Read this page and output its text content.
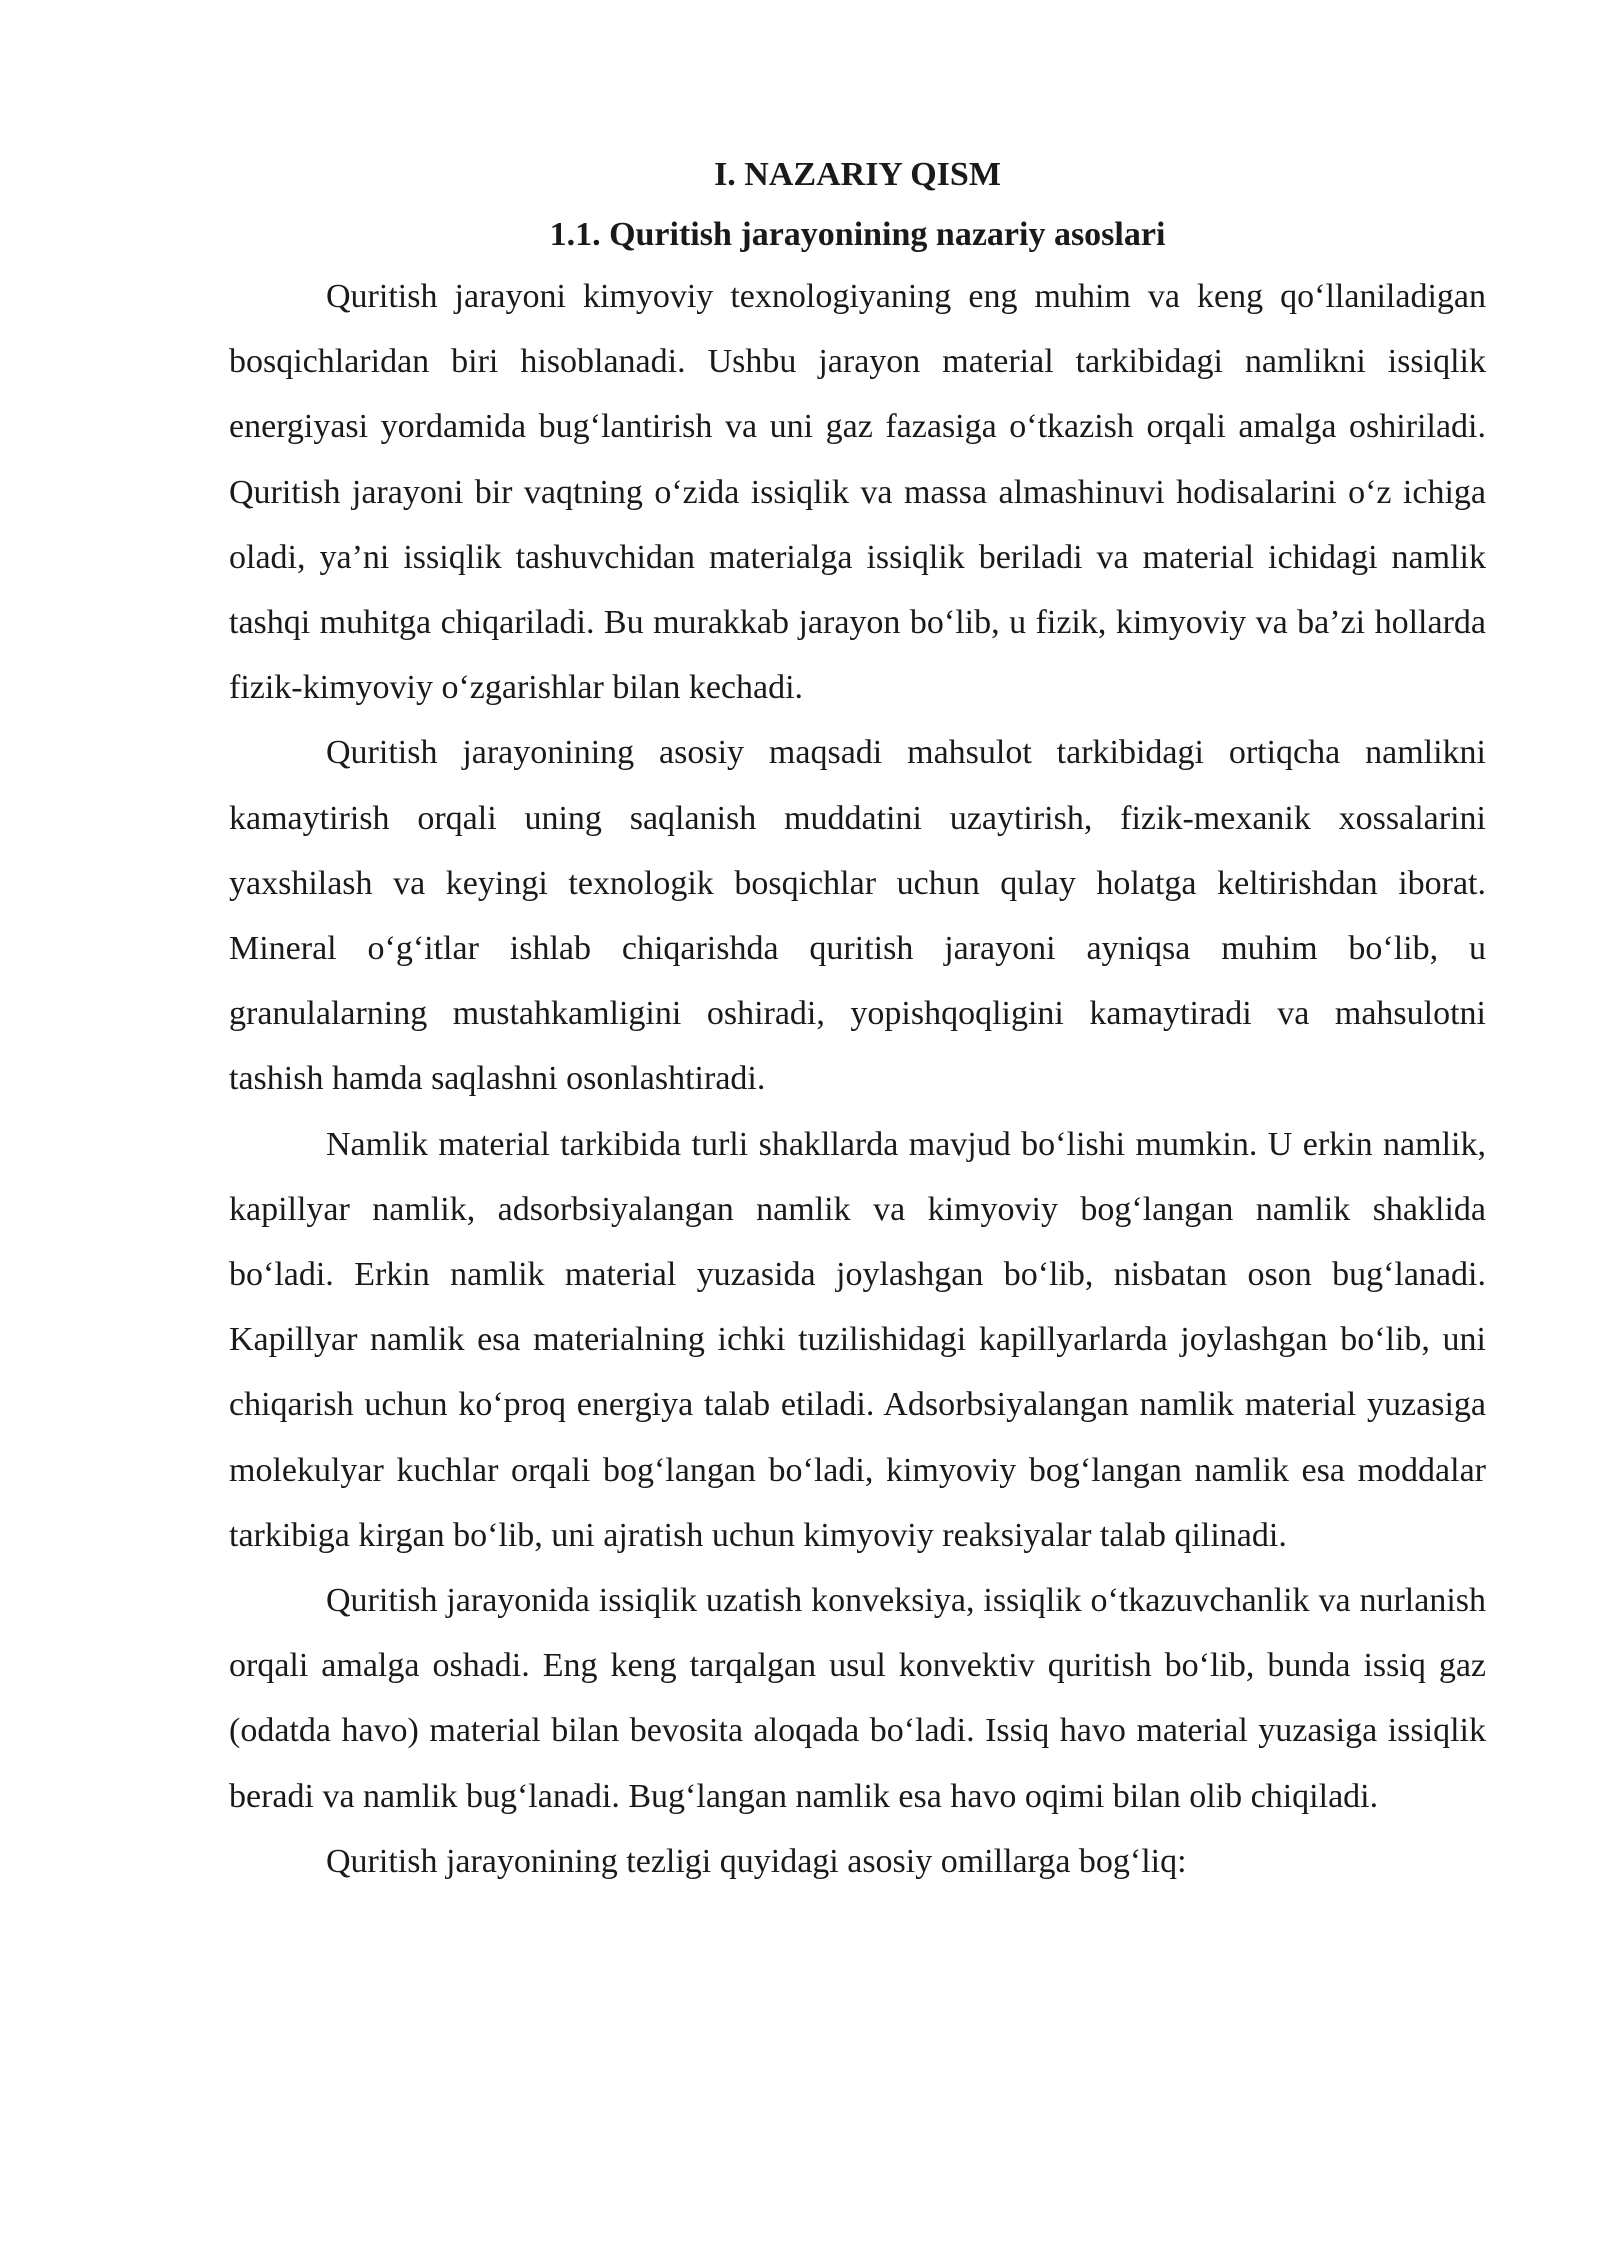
I. NAZARIY QISM
1.1. Quritish jarayonining nazariy asoslari

Quritish jarayoni kimyoviy texnologiyaning eng muhim va keng qo‘llaniladigan bosqichlaridan biri hisoblanadi. Ushbu jarayon material tarkibidagi namlikni issiqlik energiyasi yordamida bug‘lantirish va uni gaz fazasiga o‘tkazish orqali amalga oshiriladi. Quritish jarayoni bir vaqtning o‘zida issiqlik va massa almashinuvi hodisalarini o‘z ichiga oladi, ya’ni issiqlik tashuvchidan materialga issiqlik beriladi va material ichidagi namlik tashqi muhitga chiqariladi. Bu murakkab jarayon bo‘lib, u fizik, kimyoviy va ba’zi hollarda fizik-kimyoviy o‘zgarishlar bilan kechadi.

Quritish jarayonining asosiy maqsadi mahsulot tarkibidagi ortiqcha namlikni kamaytirish orqali uning saqlanish muddatini uzaytirish, fizik-mexanik xossalarini yaxshilash va keyingi texnologik bosqichlar uchun qulay holatga keltirishdan iborat. Mineral o‘g‘itlar ishlab chiqarishda quritish jarayoni ayniqsa muhim bo‘lib, u granulalarning mustahkamligini oshiradi, yopishqoqligini kamaytiradi va mahsulotni tashish hamda saqlashni osonlashtiradi.

Namlik material tarkibida turli shakllarda mavjud bo‘lishi mumkin. U erkin namlik, kapillyar namlik, adsorbsiyalangan namlik va kimyoviy bog‘langan namlik shaklida bo‘ladi. Erkin namlik material yuzasida joylashgan bo‘lib, nisbatan oson bug‘lanadi. Kapillyar namlik esa materialning ichki tuzilishidagi kapillyarlarda joylashgan bo‘lib, uni chiqarish uchun ko‘proq energiya talab etiladi. Adsorbsiyalangan namlik material yuzasiga molekulyar kuchlar orqali bog‘langan bo‘ladi, kimyoviy bog‘langan namlik esa moddalar tarkibiga kirgan bo‘lib, uni ajratish uchun kimyoviy reaksiyalar talab qilinadi.

Quritish jarayonida issiqlik uzatish konveksiya, issiqlik o‘tkazuvchanlik va nurlanish orqali amalga oshadi. Eng keng tarqalgan usul konvektiv quritish bo‘lib, bunda issiq gaz (odatda havo) material bilan bevosita aloqada bo‘ladi. Issiq havo material yuzasiga issiqlik beradi va namlik bug‘lanadi. Bug‘langan namlik esa havo oqimi bilan olib chiqiladi.

Quritish jarayonining tezligi quyidagi asosiy omillarga bog‘liq:
